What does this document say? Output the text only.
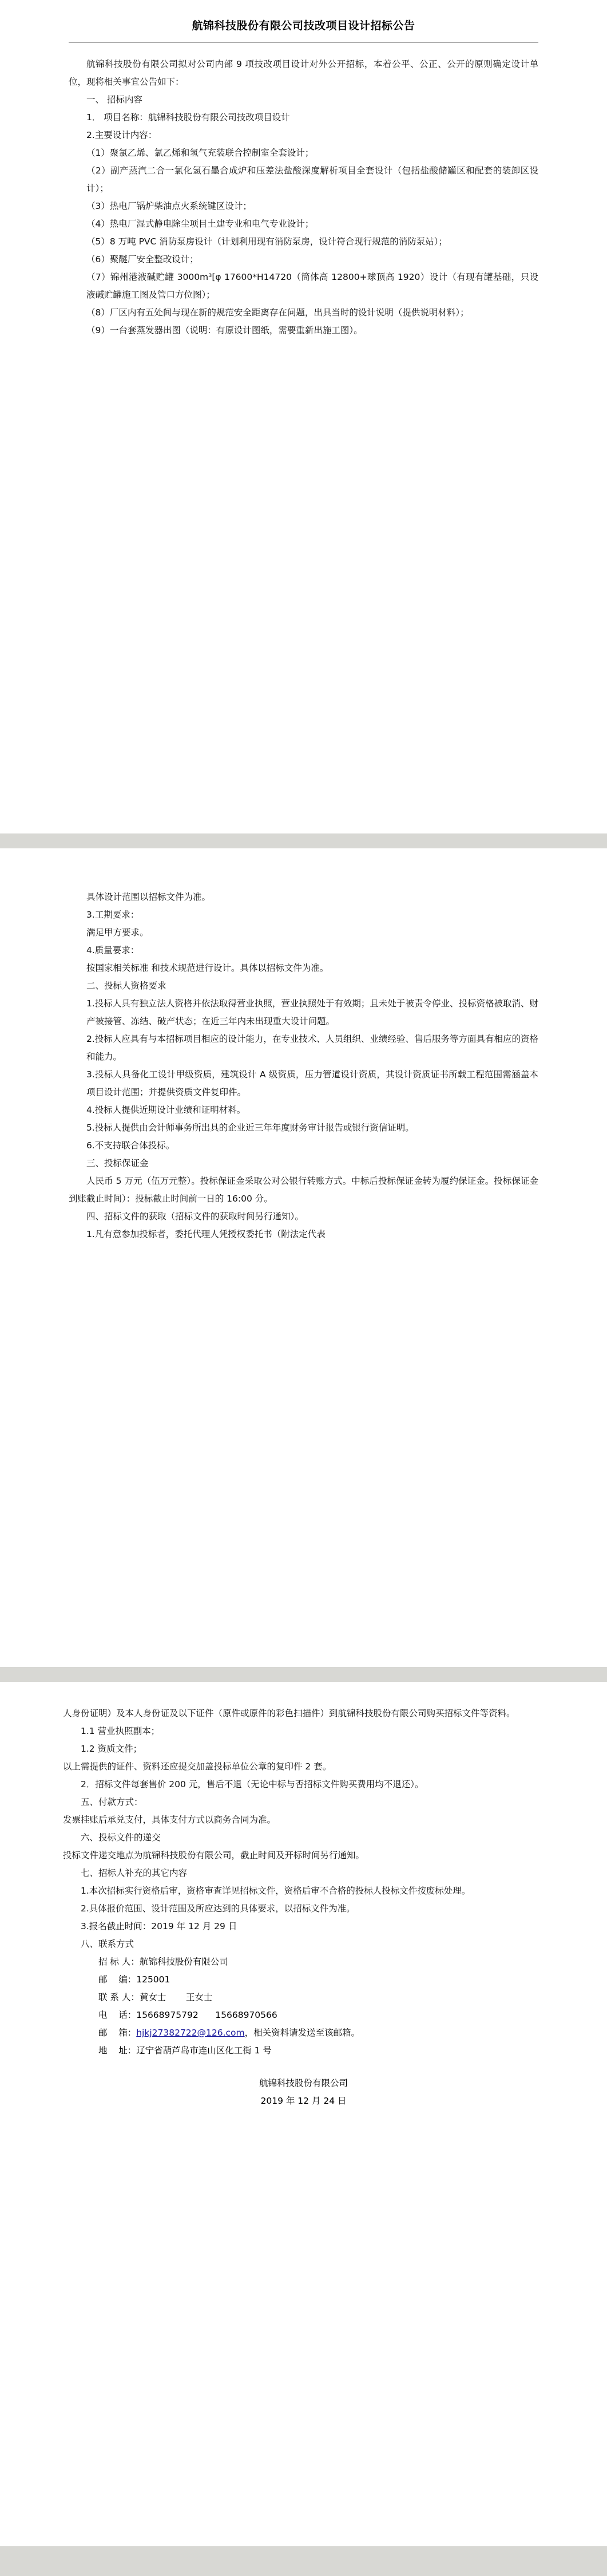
航锦科技股份有限公司技改项目设计招标公告

航锦科技股份有限公司拟对公司内部 9 项技改项目设计对外公开招标，本着公平、公正、公开的原则确定设计单位，现将相关事宜公告如下：

一、 招标内容

1． 项目名称：航锦科技股份有限公司技改项目设计

2.主要设计内容：

（1）聚氯乙烯、氯乙烯和氢气充装联合控制室全套设计；

（2）副产蒸汽二合一氯化氢石墨合成炉和压差法盐酸深度解析项目全套设计（包括盐酸储罐区和配套的装卸区设计）；

（3）热电厂锅炉柴油点火系统键区设计；

（4）热电厂湿式静电除尘项目土建专业和电气专业设计；

（5）8 万吨 PVC 消防泵房设计（计划利用现有消防泵房，设计符合现行规范的消防泵站）；

（6）聚醚厂安全整改设计；

（7）锦州港液碱贮罐 3000m³[φ 17600*H14720（筒体高 12800+球顶高 1920）设计（有现有罐基础，只设液碱贮罐施工图及管口方位图）；

（8）厂区内有五处间与现在新的规范安全距离存在问题，出具当时的设计说明（提供说明材料）；

（9）一台套蒸发器出图（说明：有原设计图纸，需要重新出施工图）。

具体设计范围以招标文件为准。

3.工期要求：

满足甲方要求。

4.质量要求：

按国家相关标准 和技术规范进行设计。具体以招标文件为准。

二、投标人资格要求

1.投标人具有独立法人资格并依法取得营业执照，营业执照处于有效期；且未处于被责令停业、投标资格被取消、财产被接管、冻结、破产状态；在近三年内未出现重大设计问题。

2.投标人应具有与本招标项目相应的设计能力，在专业技术、人员组织、业绩经验、售后服务等方面具有相应的资格和能力。

3.投标人具备化工设计甲级资质，建筑设计 A 级资质，压力管道设计资质，其设计资质证书所载工程范围需涵盖本项目设计范围；并提供资质文件复印件。

4.投标人提供近期设计业绩和证明材料。

5.投标人提供由会计师事务所出具的企业近三年年度财务审计报告或银行资信证明。

6.不支持联合体投标。

三、投标保证金

人民币 5 万元（伍万元整）。投标保证金采取公对公银行转账方式。中标后投标保证金转为履约保证金。投标保证金到账截止时间）：投标截止时间前一日的 16:00 分。

四、招标文件的获取（招标文件的获取时间另行通知）。

1.凡有意参加投标者，委托代理人凭授权委托书（附法定代表

人身份证明）及本人身份证及以下证件（原件或原件的彩色扫描件）到航锦科技股份有限公司购买招标文件等资料。

1.1 营业执照副本；

1.2 资质文件；

以上需提供的证件、资料还应提交加盖投标单位公章的复印件 2 套。

2．招标文件每套售价 200 元，售后不退（无论中标与否招标文件购买费用均不退还）。

五、付款方式：

发票挂账后承兑支付，具体支付方式以商务合同为准。

六、投标文件的递交

投标文件递交地点为航锦科技股份有限公司，截止时间及开标时间另行通知。

七、招标人补充的其它内容

1.本次招标实行资格后审，资格审查详见招标文件，资格后审不合格的投标人投标文件按废标处理。

2.具体报价范围、设计范围及所应达到的具体要求，以招标文件为准。

3.报名截止时间：2019 年 12 月 29 日

八、联系方式

招 标 人：航锦科技股份有限公司
邮    编：125001
联 系 人：黄女士       王女士
电    话：15668975792      15668970566
邮    箱：hjkj27382722@126.com，相关资料请发送至该邮箱。
地    址：辽宁省葫芦岛市连山区化工街 1 号

航锦科技股份有限公司

2019 年 12 月 24 日
